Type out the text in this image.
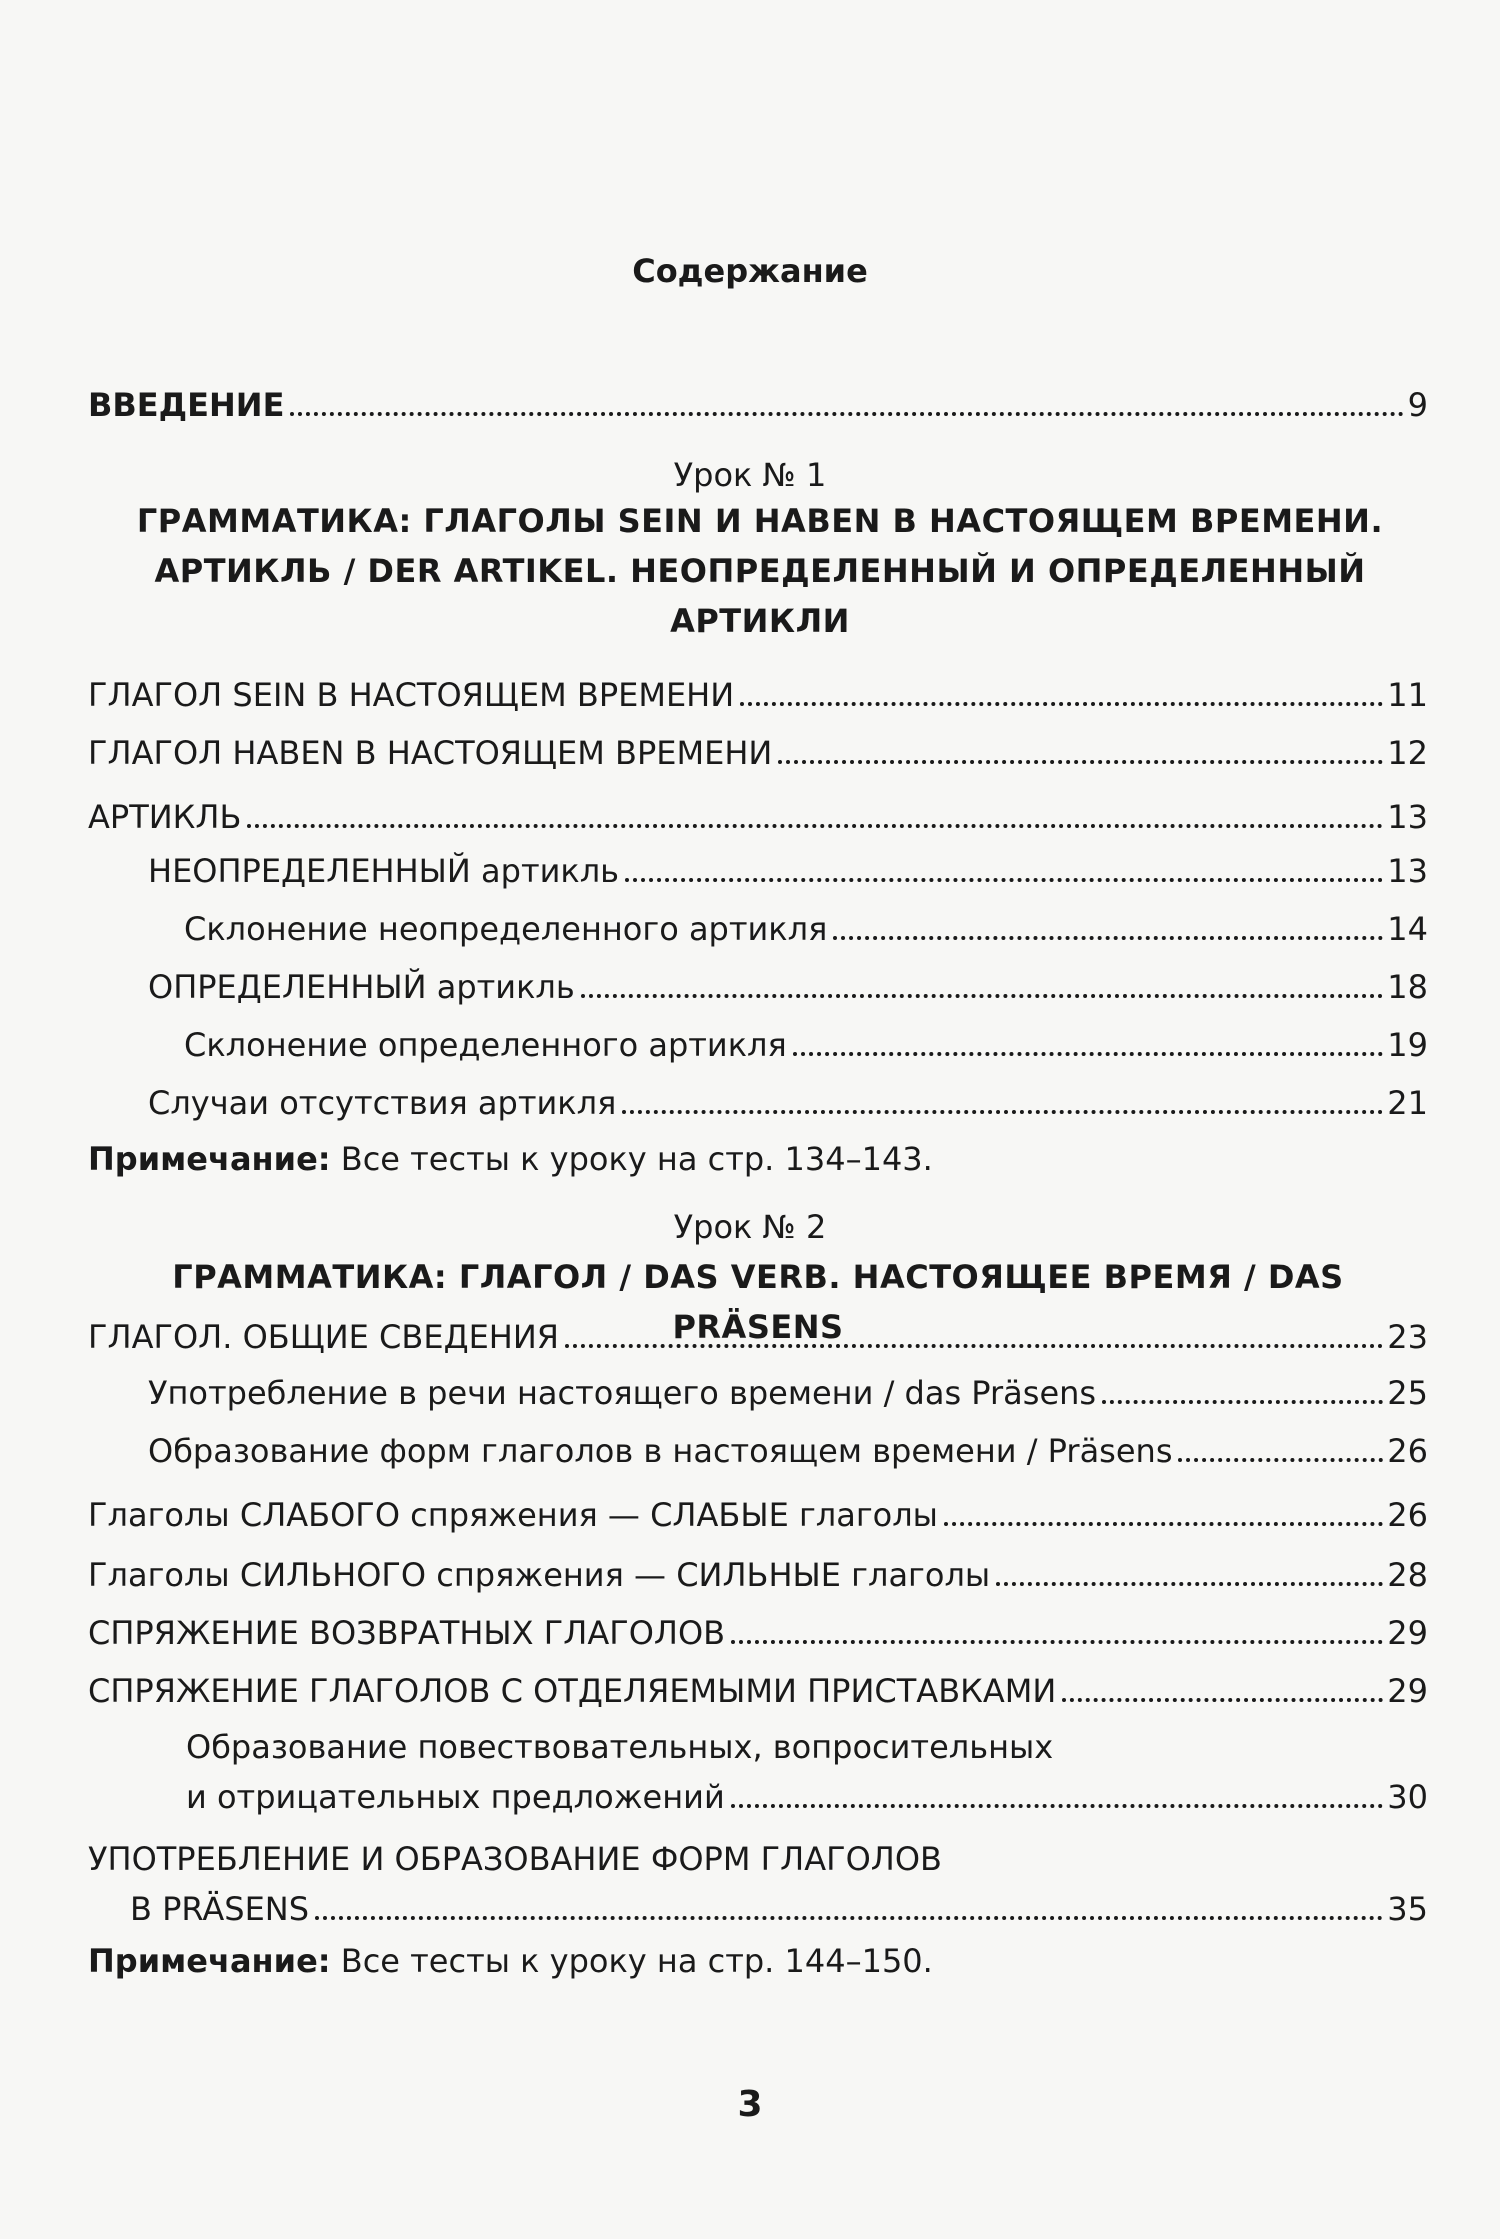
Содержание
ВВЕДЕНИЕ	9
Урок № 1
ГРАММАТИКА: ГЛАГОЛЫ SEIN И HABEN В НАСТОЯЩЕМ ВРЕМЕНИ.
АРТИКЛЬ / DER ARTIKEL. НЕОПРЕДЕЛЕННЫЙ И ОПРЕДЕЛЕННЫЙ
АРТИКЛИ
ГЛАГОЛ SEIN В НАСТОЯЩЕМ ВРЕМЕНИ	11
ГЛАГОЛ HABEN В НАСТОЯЩЕМ ВРЕМЕНИ	12
АРТИКЛЬ	13
НЕОПРЕДЕЛЕННЫЙ артикль	13
Склонение неопределенного артикля	14
ОПРЕДЕЛЕННЫЙ артикль	18
Склонение определенного артикля	19
Случаи отсутствия артикля	21
Примечание: Все тесты к уроку на стр. 134–143.
Урок № 2
ГРАММАТИКА: ГЛАГОЛ / DAS VERB. НАСТОЯЩЕЕ ВРЕМЯ / DAS PRÄSENS
ГЛАГОЛ. ОБЩИЕ СВЕДЕНИЯ	23
Употребление в речи настоящего времени / das Präsens	25
Образование форм глаголов в настоящем времени / Präsens	26
Глаголы СЛАБОГО спряжения — СЛАБЫЕ глаголы	26
Глаголы СИЛЬНОГО спряжения — СИЛЬНЫЕ глаголы	28
СПРЯЖЕНИЕ ВОЗВРАТНЫХ ГЛАГОЛОВ	29
СПРЯЖЕНИЕ ГЛАГОЛОВ С ОТДЕЛЯЕМЫМИ ПРИСТАВКАМИ	29
Образование повествовательных, вопросительных
и отрицательных предложений	30
УПОТРЕБЛЕНИЕ И ОБРАЗОВАНИЕ ФОРМ ГЛАГОЛОВ
В PRÄSENS	35
Примечание: Все тесты к уроку на стр. 144–150.
3
